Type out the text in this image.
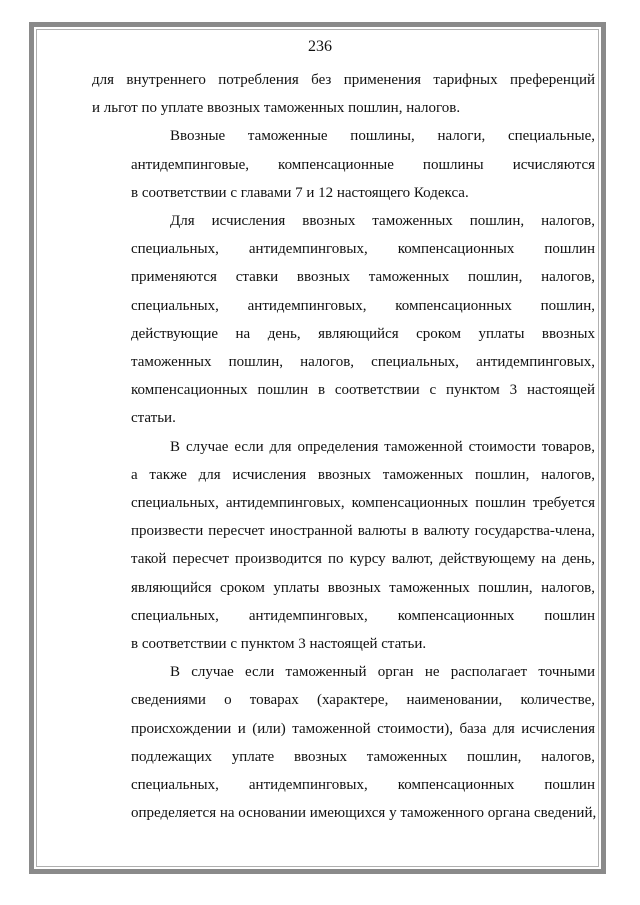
236
для внутреннего потребления без применения тарифных преференций
и льгот по уплате ввозных таможенных пошлин, налогов.
Ввозные таможенные пошлины, налоги, специальные,
антидемпинговые, компенсационные пошлины исчисляются
в соответствии с главами 7 и 12 настоящего Кодекса.
Для исчисления ввозных таможенных пошлин, налогов,
специальных, антидемпинговых, компенсационных пошлин
применяются ставки ввозных таможенных пошлин, налогов,
специальных, антидемпинговых, компенсационных пошлин,
действующие на день, являющийся сроком уплаты ввозных
таможенных пошлин, налогов, специальных, антидемпинговых,
компенсационных пошлин в соответствии с пунктом 3 настоящей
статьи.
В случае если для определения таможенной стоимости товаров,
а также для исчисления ввозных таможенных пошлин, налогов,
специальных, антидемпинговых, компенсационных пошлин требуется
произвести пересчет иностранной валюты в валюту государства-члена,
такой пересчет производится по курсу валют, действующему на день,
являющийся сроком уплаты ввозных таможенных пошлин, налогов,
специальных, антидемпинговых, компенсационных пошлин
в соответствии с пунктом 3 настоящей статьи.
В случае если таможенный орган не располагает точными
сведениями о товарах (характере, наименовании, количестве,
происхождении и (или) таможенной стоимости), база для исчисления
подлежащих уплате ввозных таможенных пошлин, налогов,
специальных, антидемпинговых, компенсационных пошлин
определяется на основании имеющихся у таможенного органа сведений,
